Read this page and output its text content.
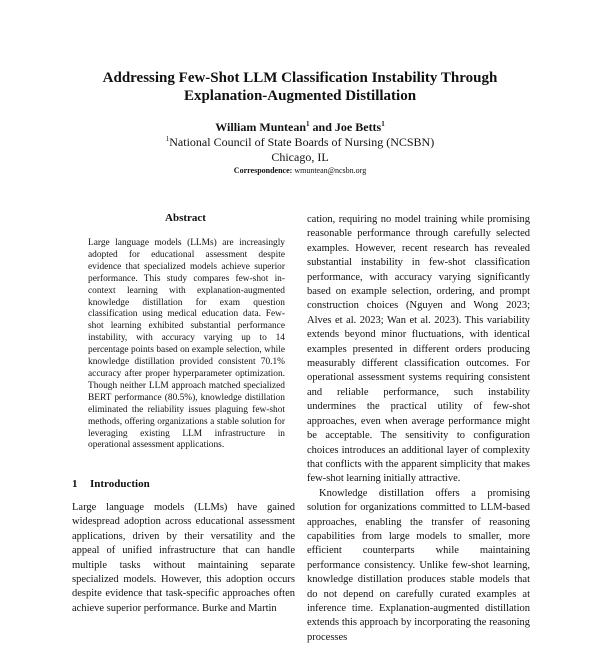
Addressing Few-Shot LLM Classification Instability Through
Explanation-Augmented Distillation
William Muntean$^1$ and Joe Betts$^1$
$^1$National Council of State Boards of Nursing (NCSBN)
Chicago, IL
Correspondence: wmuntean@ncsbn.org
Abstract
Large language models (LLMs) are increasingly adopted for educational assessment despite evidence that specialized models achieve superior performance. This study compares few-shot in-context learning with explanation-augmented knowledge distillation for exam question classification using medical education data. Few-shot learning exhibited substantial performance instability, with accuracy varying up to 14 percentage points based on example selection, while knowledge distillation provided consistent 70.1% accuracy after proper hyperparameter optimization. Though neither LLM approach matched specialized BERT performance (80.5%), knowledge distillation eliminated the reliability issues plaguing few-shot methods, offering organizations a stable solution for leveraging existing LLM infrastructure in operational assessment applications.
1 Introduction
Large language models (LLMs) have gained widespread adoption across educational assessment applications, driven by their versatility and the appeal of unified infrastructure that can handle multiple tasks without maintaining separate specialized models. However, this adoption occurs despite evidence that task-specific approaches often achieve superior performance. Burke and Martin

cation, requiring no model training while promising reasonable performance through carefully selected examples. However, recent research has revealed substantial instability in few-shot classification performance, with accuracy varying significantly based on example selection, ordering, and prompt construction choices (Nguyen and Wong 2023; Alves et al. 2023; Wan et al. 2023). This variability extends beyond minor fluctuations, with identical examples presented in different orders producing measurably different classification outcomes. For operational assessment systems requiring consistent and reliable performance, such instability undermines the practical utility of few-shot approaches, even when average performance might be acceptable. The sensitivity to configuration choices introduces an additional layer of complexity that conflicts with the apparent simplicity that makes few-shot learning initially attractive.

Knowledge distillation offers a promising solution for organizations committed to LLM-based approaches, enabling the transfer of reasoning capabilities from large models to smaller, more efficient counterparts while maintaining performance consistency. Unlike few-shot learning, knowledge distillation produces stable models that do not depend on carefully curated examples at inference time. Explanation-augmented distillation extends this approach by incorporating the reasoning processes
